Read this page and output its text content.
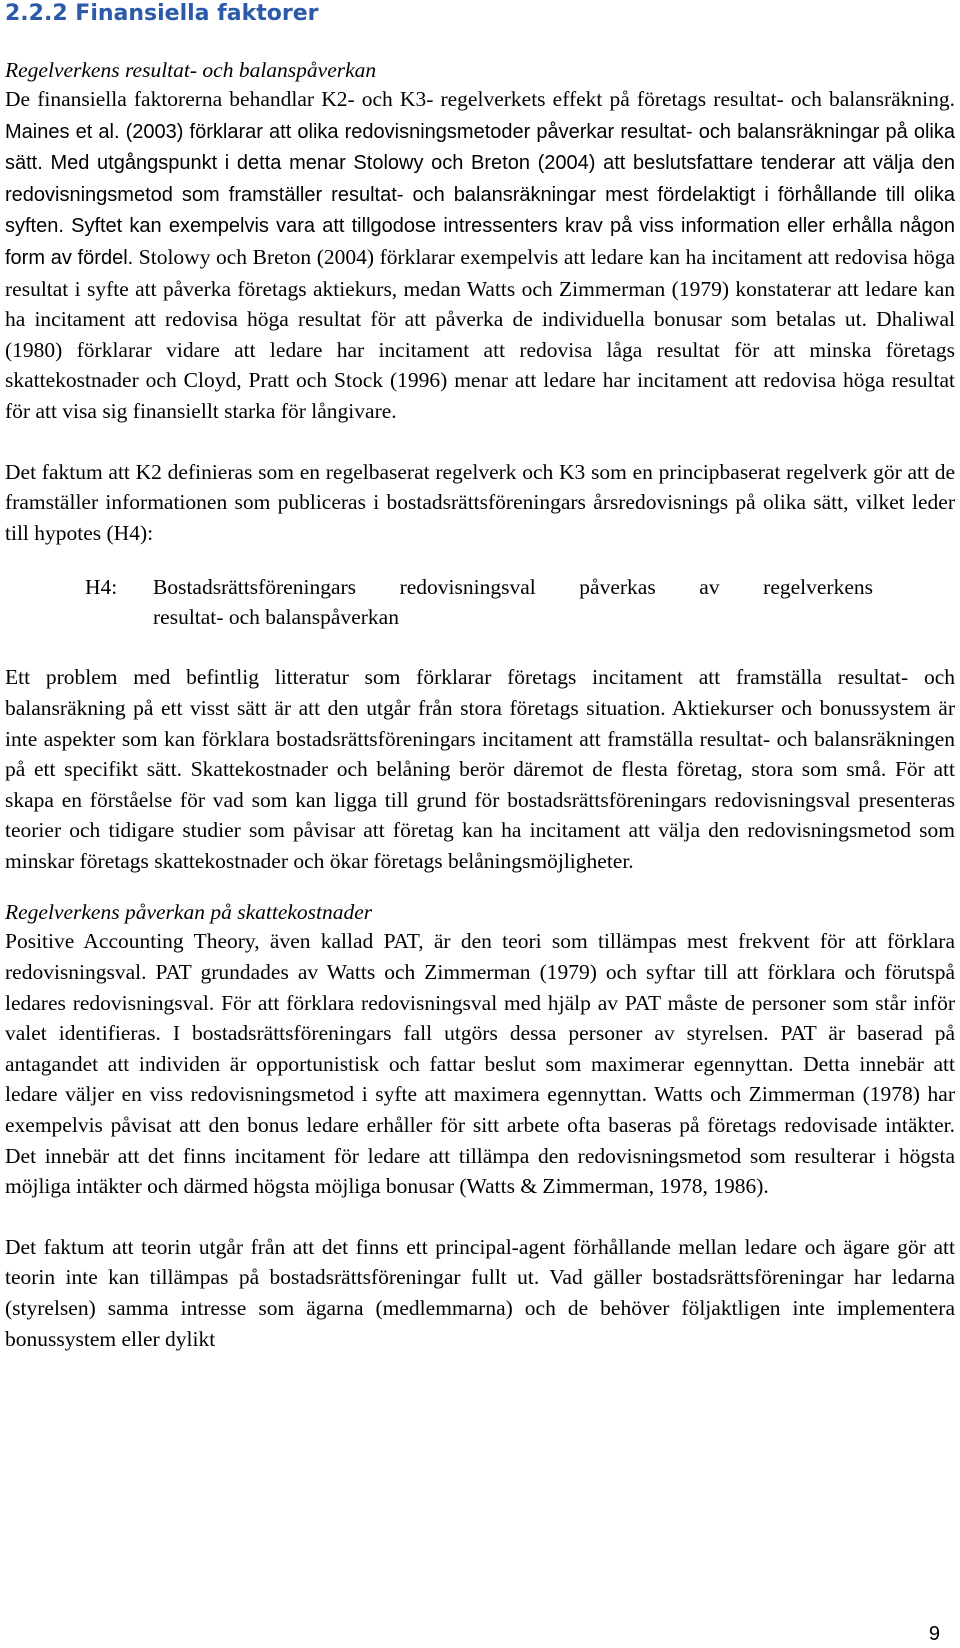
2.2.2 Finansiella faktorer
Regelverkens resultat- och balanspåverkan

De finansiella faktorerna behandlar K2- och K3- regelverkets effekt på företags resultat- och balansräkning. Maines et al. (2003) förklarar att olika redovisningsmetoder påverkar resultat- och balansräkningar på olika sätt. Med utgångspunkt i detta menar Stolowy och Breton (2004) att beslutsfattare tenderar att välja den redovisningsmetod som framställer resultat- och balansräkningar mest fördelaktigt i förhållande till olika syften. Syftet kan exempelvis vara att tillgodose intressenters krav på viss information eller erhålla någon form av fördel. Stolowy och Breton (2004) förklarar exempelvis att ledare kan ha incitament att redovisa höga resultat i syfte att påverka företags aktiekurs, medan Watts och Zimmerman (1979) konstaterar att ledare kan ha incitament att redovisa höga resultat för att påverka de individuella bonusar som betalas ut. Dhaliwal (1980) förklarar vidare att ledare har incitament att redovisa låga resultat för att minska företags skattekostnader och Cloyd, Pratt och Stock (1996) menar att ledare har incitament att redovisa höga resultat för att visa sig finansiellt starka för långivare.

Det faktum att K2 definieras som en regelbaserat regelverk och K3 som en principbaserat regelverk gör att de framställer informationen som publiceras i bostadsrättsföreningars årsredovisnings på olika sätt, vilket leder till hypotes (H4):

H4:	Bostadsrättsföreningars redovisningsval påverkas av regelverkens
resultat- och balanspåverkan

Ett problem med befintlig litteratur som förklarar företags incitament att framställa resultat- och balansräkning på ett visst sätt är att den utgår från stora företags situation. Aktiekurser och bonussystem är inte aspekter som kan förklara bostadsrättsföreningars incitament att framställa resultat- och balansräkningen på ett specifikt sätt. Skattekostnader och belåning berör däremot de flesta företag, stora som små. För att skapa en förståelse för vad som kan ligga till grund för bostadsrättsföreningars redovisningsval presenteras teorier och tidigare studier som påvisar att företag kan ha incitament att välja den redovisningsmetod som minskar företags skattekostnader och ökar företags belåningsmöjligheter.

Regelverkens påverkan på skattekostnader

Positive Accounting Theory, även kallad PAT, är den teori som tillämpas mest frekvent för att förklara redovisningsval. PAT grundades av Watts och Zimmerman (1979) och syftar till att förklara och förutspå ledares redovisningsval. För att förklara redovisningsval med hjälp av PAT måste de personer som står inför valet identifieras. I bostadsrättsföreningars fall utgörs dessa personer av styrelsen. PAT är baserad på antagandet att individen är opportunistisk och fattar beslut som maximerar egennyttan. Detta innebär att ledare väljer en viss redovisningsmetod i syfte att maximera egennyttan. Watts och Zimmerman (1978) har exempelvis påvisat att den bonus ledare erhåller för sitt arbete ofta baseras på företags redovisade intäkter. Det innebär att det finns incitament för ledare att tillämpa den redovisningsmetod som resulterar i högsta möjliga intäkter och därmed högsta möjliga bonusar (Watts & Zimmerman, 1978, 1986).

Det faktum att teorin utgår från att det finns ett principal-agent förhållande mellan ledare och ägare gör att teorin inte kan tillämpas på bostadsrättsföreningar fullt ut. Vad gäller bostadsrättsföreningar har ledarna (styrelsen) samma intresse som ägarna (medlemmarna) och de behöver följaktligen inte implementera bonussystem eller dylikt

9
